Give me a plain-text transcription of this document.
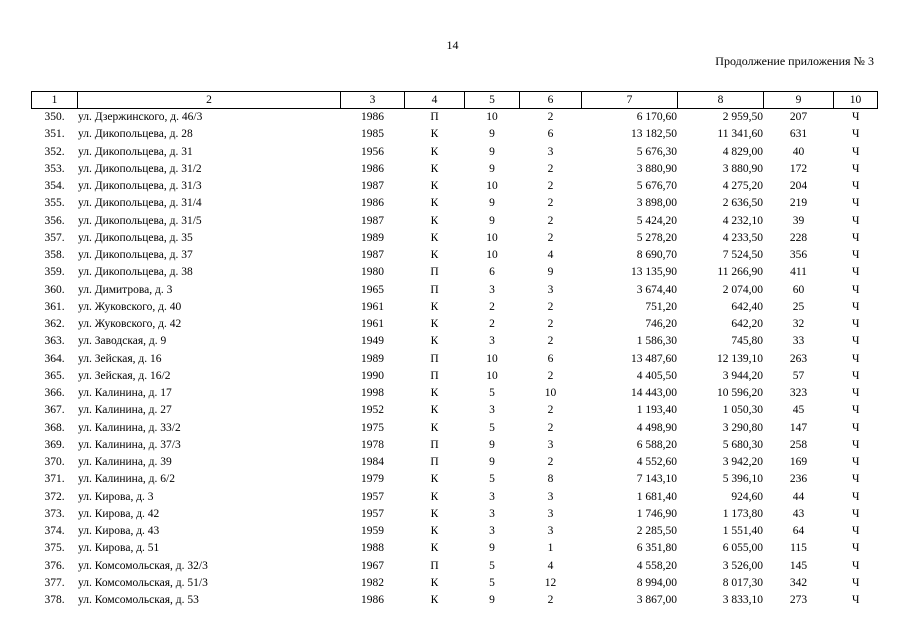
14
Продолжение приложения № 3
1	2	3	4	5	6	7	8	9	10
350.	ул. Дзержинского, д. 46/3	1986	П	10	2	6 170,60	2 959,50	207	Ч
351.	ул. Дикопольцева, д. 28	1985	К	9	6	13 182,50	11 341,60	631	Ч
352.	ул. Дикопольцева, д. 31	1956	К	9	3	5 676,30	4 829,00	40	Ч
353.	ул. Дикопольцева, д. 31/2	1986	К	9	2	3 880,90	3 880,90	172	Ч
354.	ул. Дикопольцева, д. 31/3	1987	К	10	2	5 676,70	4 275,20	204	Ч
355.	ул. Дикопольцева, д. 31/4	1986	К	9	2	3 898,00	2 636,50	219	Ч
356.	ул. Дикопольцева, д. 31/5	1987	К	9	2	5 424,20	4 232,10	39	Ч
357.	ул. Дикопольцева, д. 35	1989	К	10	2	5 278,20	4 233,50	228	Ч
358.	ул. Дикопольцева, д. 37	1987	К	10	4	8 690,70	7 524,50	356	Ч
359.	ул. Дикопольцева, д. 38	1980	П	6	9	13 135,90	11 266,90	411	Ч
360.	ул. Димитрова, д. 3	1965	П	3	3	3 674,40	2 074,00	60	Ч
361.	ул. Жуковского, д. 40	1961	К	2	2	751,20	642,40	25	Ч
362.	ул. Жуковского, д. 42	1961	К	2	2	746,20	642,20	32	Ч
363.	ул. Заводская, д. 9	1949	К	3	2	1 586,30	745,80	33	Ч
364.	ул. Зейская, д. 16	1989	П	10	6	13 487,60	12 139,10	263	Ч
365.	ул. Зейская, д. 16/2	1990	П	10	2	4 405,50	3 944,20	57	Ч
366.	ул. Калинина, д. 17	1998	К	5	10	14 443,00	10 596,20	323	Ч
367.	ул. Калинина, д. 27	1952	К	3	2	1 193,40	1 050,30	45	Ч
368.	ул. Калинина, д. 33/2	1975	К	5	2	4 498,90	3 290,80	147	Ч
369.	ул. Калинина, д. 37/3	1978	П	9	3	6 588,20	5 680,30	258	Ч
370.	ул. Калинина, д. 39	1984	П	9	2	4 552,60	3 942,20	169	Ч
371.	ул. Калинина, д. 6/2	1979	К	5	8	7 143,10	5 396,10	236	Ч
372.	ул. Кирова, д. 3	1957	К	3	3	1 681,40	924,60	44	Ч
373.	ул. Кирова, д. 42	1957	К	3	3	1 746,90	1 173,80	43	Ч
374.	ул. Кирова, д. 43	1959	К	3	3	2 285,50	1 551,40	64	Ч
375.	ул. Кирова, д. 51	1988	К	9	1	6 351,80	6 055,00	115	Ч
376.	ул. Комсомольская, д. 32/3	1967	П	5	4	4 558,20	3 526,00	145	Ч
377.	ул. Комсомольская, д. 51/3	1982	К	5	12	8 994,00	8 017,30	342	Ч
378.	ул. Комсомольская, д. 53	1986	К	9	2	3 867,00	3 833,10	273	Ч
